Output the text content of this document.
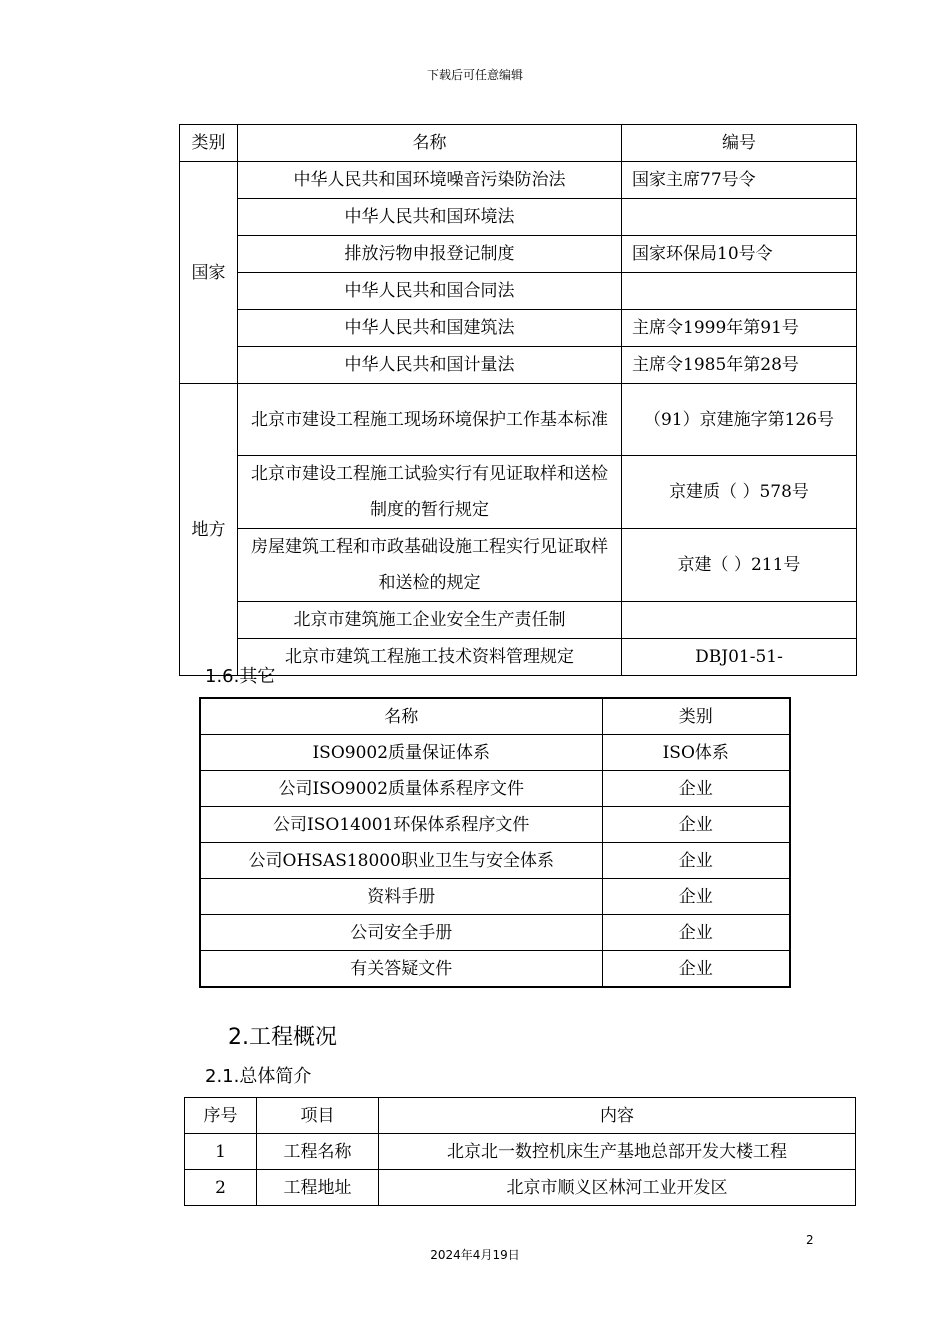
下载后可任意编辑
类别	名称	编号
国家	中华人民共和国环境噪音污染防治法	国家主席77号令
	中华人民共和国环境法	
	排放污物申报登记制度	国家环保局10号令
	中华人民共和国合同法	
	中华人民共和国建筑法	主席令1999年第91号
	中华人民共和国计量法	主席令1985年第28号
地方	北京市建设工程施工现场环境保护工作基本标准	（91）京建施字第126号
	北京市建设工程施工试验实行有见证取样和送检制度的暂行规定	京建质（ ）578号
	房屋建筑工程和市政基础设施工程实行见证取样和送检的规定	京建（ ）211号
	北京市建筑施工企业安全生产责任制	
	北京市建筑工程施工技术资料管理规定	DBJ01-51-
1.6.其它
名称	类别
ISO9002质量保证体系	ISO体系
公司ISO9002质量体系程序文件	企业
公司ISO14001环保体系程序文件	企业
公司OHSAS18000职业卫生与安全体系	企业
资料手册	企业
公司安全手册	企业
有关答疑文件	企业
2.工程概况
2.1.总体简介
序号	项目	内容
1	工程名称	北京北一数控机床生产基地总部开发大楼工程
2	工程地址	北京市顺义区林河工业开发区
2
2024年4月19日
